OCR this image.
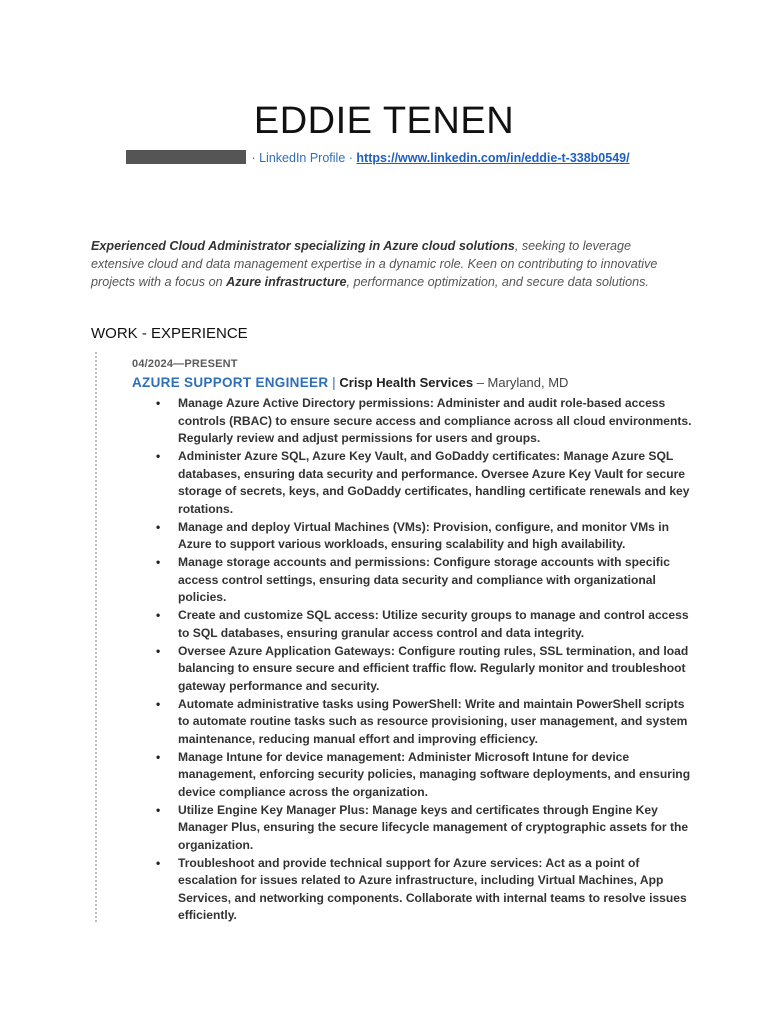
EDDIE TENEN
· LinkedIn Profile · https://www.linkedin.com/in/eddie-t-338b0549/

Experienced Cloud Administrator specializing in Azure cloud solutions, seeking to leverage extensive cloud and data management expertise in a dynamic role. Keen on contributing to innovative projects with a focus on Azure infrastructure, performance optimization, and secure data solutions.

WORK - EXPERIENCE
04/2024—PRESENT
AZURE SUPPORT ENGINEER | Crisp Health Services – Maryland, MD
• Manage Azure Active Directory permissions: Administer and audit role-based access controls (RBAC) to ensure secure access and compliance across all cloud environments. Regularly review and adjust permissions for users and groups.
• Administer Azure SQL, Azure Key Vault, and GoDaddy certificates: Manage Azure SQL databases, ensuring data security and performance. Oversee Azure Key Vault for secure storage of secrets, keys, and GoDaddy certificates, handling certificate renewals and key rotations.
• Manage and deploy Virtual Machines (VMs): Provision, configure, and monitor VMs in Azure to support various workloads, ensuring scalability and high availability.
• Manage storage accounts and permissions: Configure storage accounts with specific access control settings, ensuring data security and compliance with organizational policies.
• Create and customize SQL access: Utilize security groups to manage and control access to SQL databases, ensuring granular access control and data integrity.
• Oversee Azure Application Gateways: Configure routing rules, SSL termination, and load balancing to ensure secure and efficient traffic flow. Regularly monitor and troubleshoot gateway performance and security.
• Automate administrative tasks using PowerShell: Write and maintain PowerShell scripts to automate routine tasks such as resource provisioning, user management, and system maintenance, reducing manual effort and improving efficiency.
• Manage Intune for device management: Administer Microsoft Intune for device management, enforcing security policies, managing software deployments, and ensuring device compliance across the organization.
• Utilize Engine Key Manager Plus: Manage keys and certificates through Engine Key Manager Plus, ensuring the secure lifecycle management of cryptographic assets for the organization.
• Troubleshoot and provide technical support for Azure services: Act as a point of escalation for issues related to Azure infrastructure, including Virtual Machines, App Services, and networking components. Collaborate with internal teams to resolve issues efficiently.
